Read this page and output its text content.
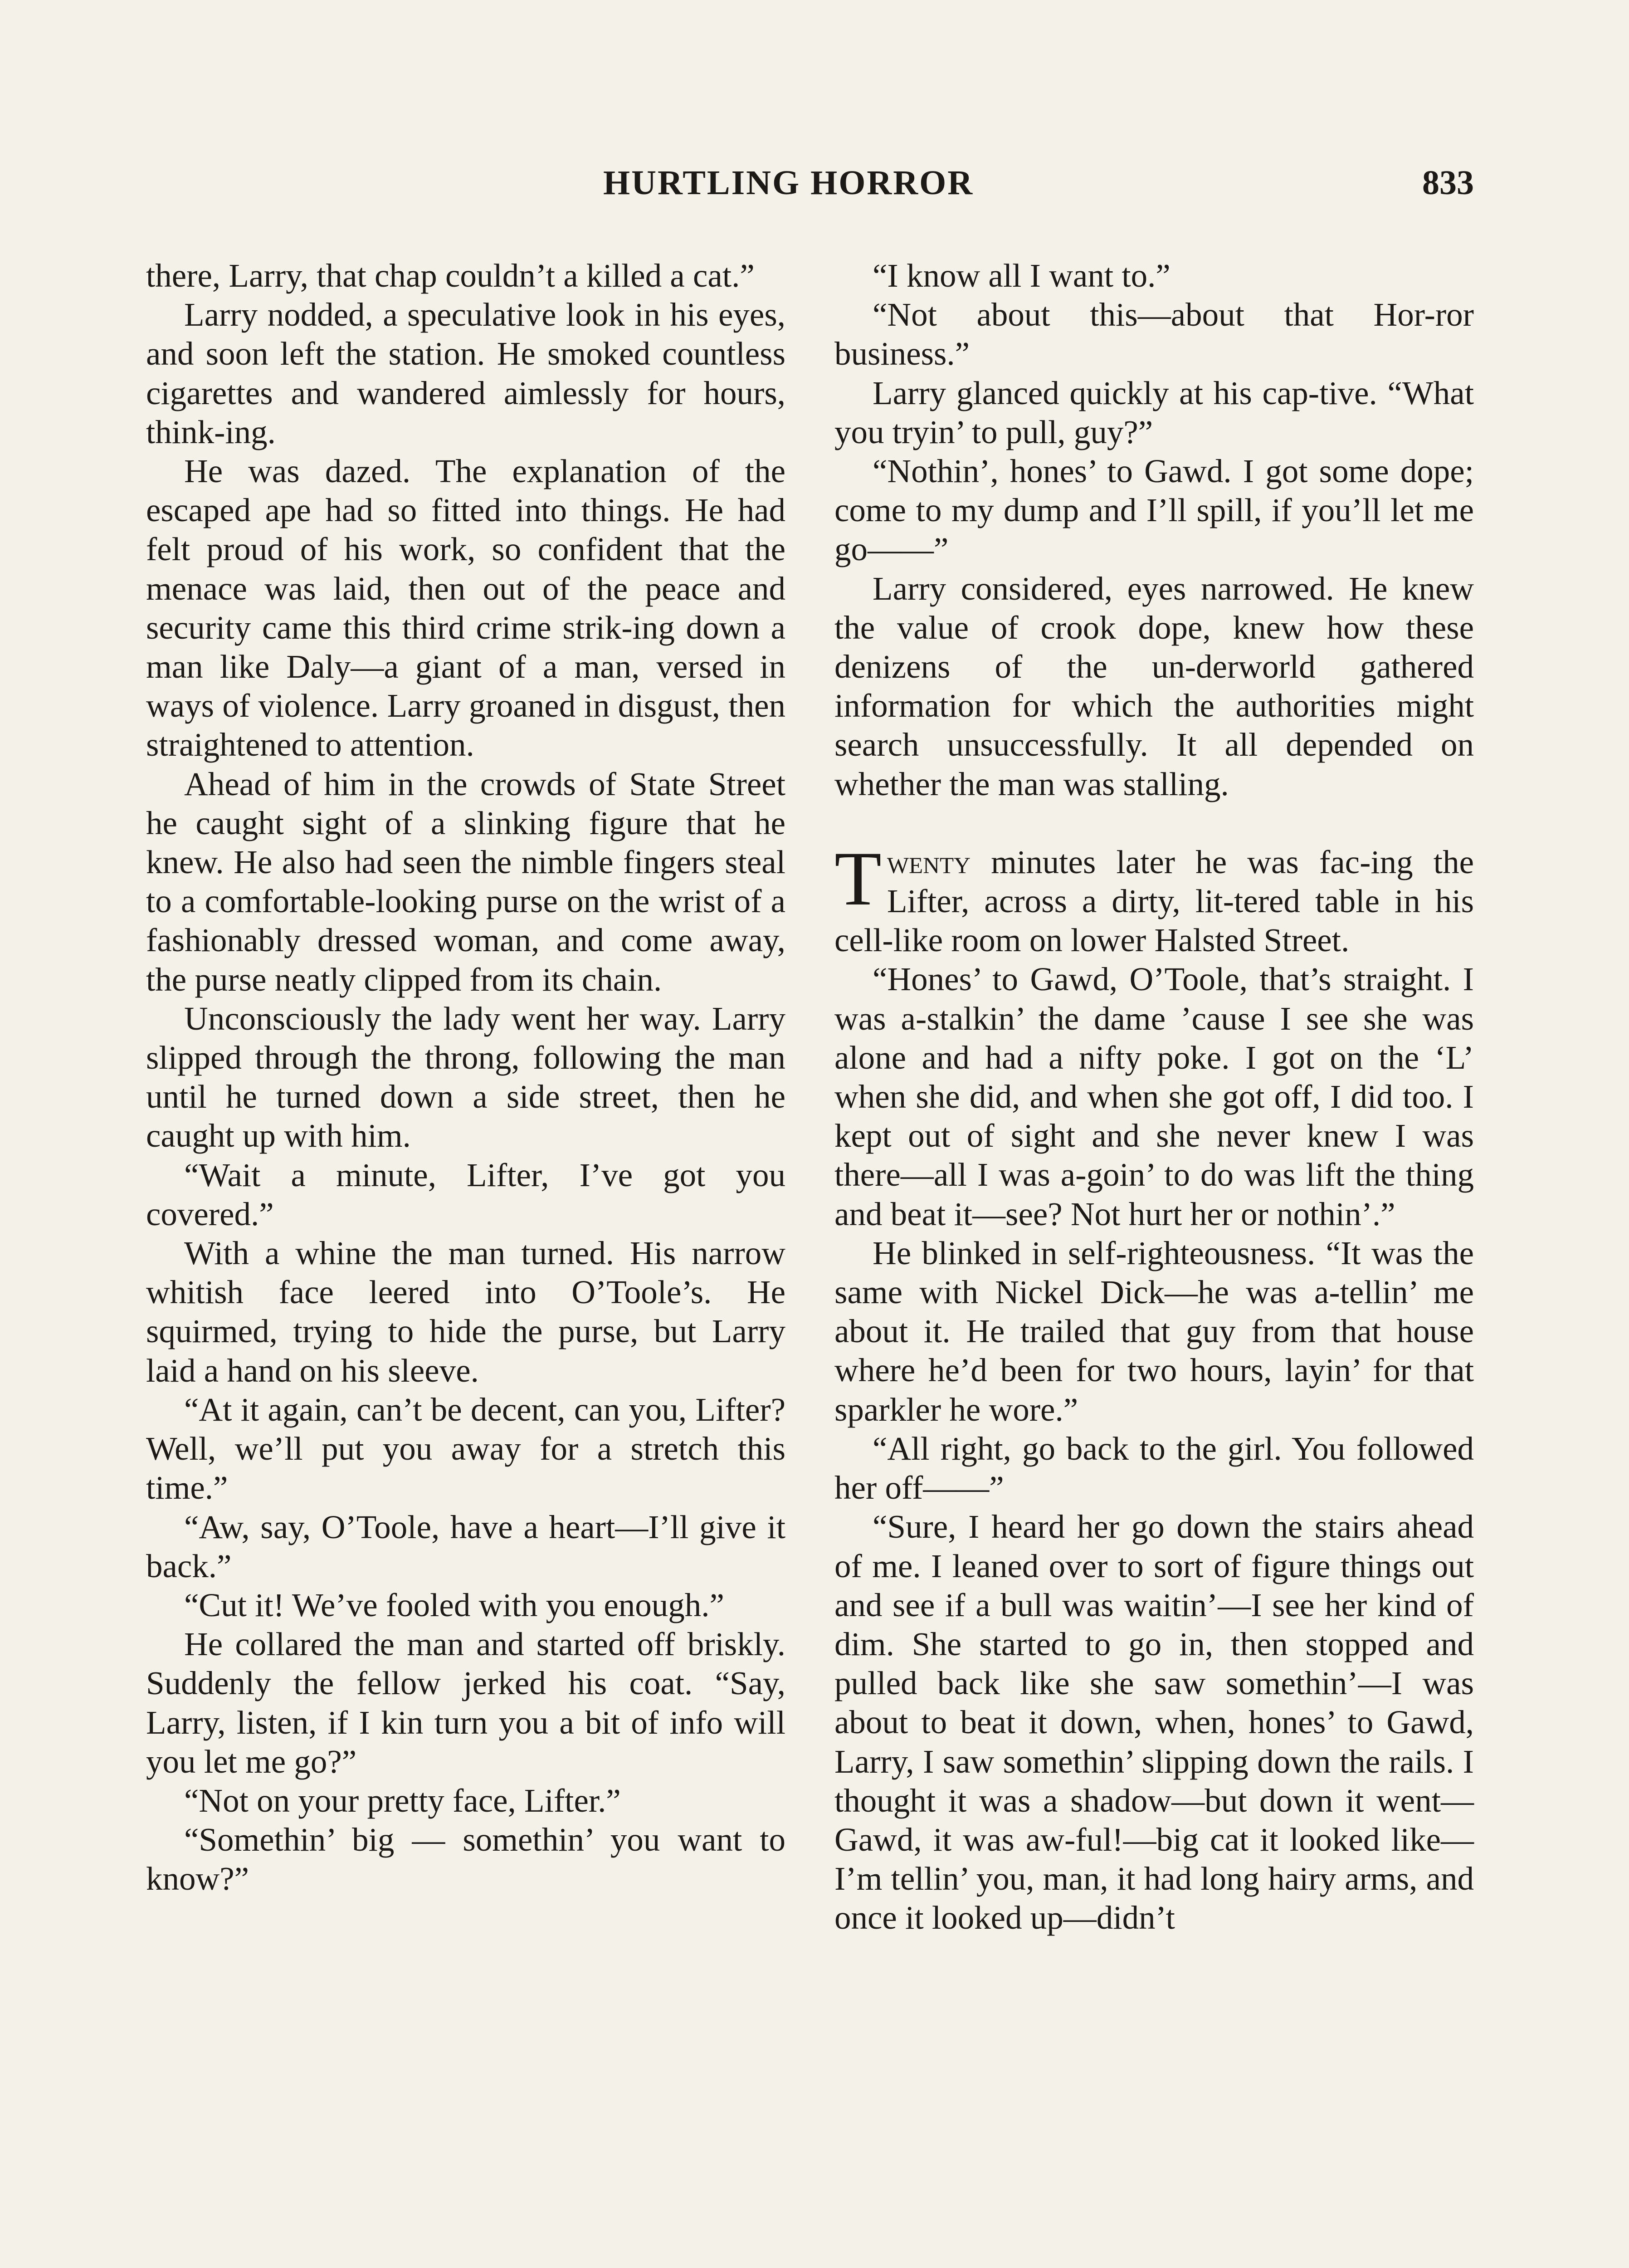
HURTLING HORROR	833

there, Larry, that chap couldn’t a killed a cat.”

Larry nodded, a speculative look in his eyes, and soon left the station. He smoked countless cigarettes and wandered aimlessly for hours, think-ing.

He was dazed. The explanation of the escaped ape had so fitted into things. He had felt proud of his work, so confident that the menace was laid, then out of the peace and security came this third crime strik-ing down a man like Daly—a giant of a man, versed in ways of violence. Larry groaned in disgust, then straightened to attention.

Ahead of him in the crowds of State Street he caught sight of a slinking figure that he knew. He also had seen the nimble fingers steal to a comfortable-looking purse on the wrist of a fashionably dressed woman, and come away, the purse neatly clipped from its chain.

Unconsciously the lady went her way. Larry slipped through the throng, following the man until he turned down a side street, then he caught up with him.

“Wait a minute, Lifter, I’ve got you covered.”

With a whine the man turned. His narrow whitish face leered into O’Toole’s. He squirmed, trying to hide the purse, but Larry laid a hand on his sleeve.

“At it again, can’t be decent, can you, Lifter? Well, we’ll put you away for a stretch this time.”

“Aw, say, O’Toole, have a heart—I’ll give it back.”

“Cut it! We’ve fooled with you enough.”

He collared the man and started off briskly. Suddenly the fellow jerked his coat. “Say, Larry, listen, if I kin turn you a bit of info will you let me go?”

“Not on your pretty face, Lifter.”

“Somethin’ big — somethin’ you want to know?”

“I know all I want to.”

“Not about this—about that Hor-ror business.”

Larry glanced quickly at his cap-tive. “What you tryin’ to pull, guy?”

“Nothin’, hones’ to Gawd. I got some dope; come to my dump and I’ll spill, if you’ll let me go——”

Larry considered, eyes narrowed. He knew the value of crook dope, knew how these denizens of the un-derworld gathered information for which the authorities might search unsuccessfully. It all depended on whether the man was stalling.

Twenty minutes later he was fac-ing the Lifter, across a dirty, lit-tered table in his cell-like room on lower Halsted Street.

“Hones’ to Gawd, O’Toole, that’s straight. I was a-stalkin’ the dame ’cause I see she was alone and had a nifty poke. I got on the ‘L’ when she did, and when she got off, I did too. I kept out of sight and she never knew I was there—all I was a-goin’ to do was lift the thing and beat it—see? Not hurt her or nothin’.”

He blinked in self-righteousness. “It was the same with Nickel Dick—he was a-tellin’ me about it. He trailed that guy from that house where he’d been for two hours, layin’ for that sparkler he wore.”

“All right, go back to the girl. You followed her off——”

“Sure, I heard her go down the stairs ahead of me. I leaned over to sort of figure things out and see if a bull was waitin’—I see her kind of dim. She started to go in, then stopped and pulled back like she saw somethin’—I was about to beat it down, when, hones’ to Gawd, Larry, I saw somethin’ slipping down the rails. I thought it was a shadow—but down it went—Gawd, it was aw-ful!—big cat it looked like—I’m tellin’ you, man, it had long hairy arms, and once it looked up—didn’t
